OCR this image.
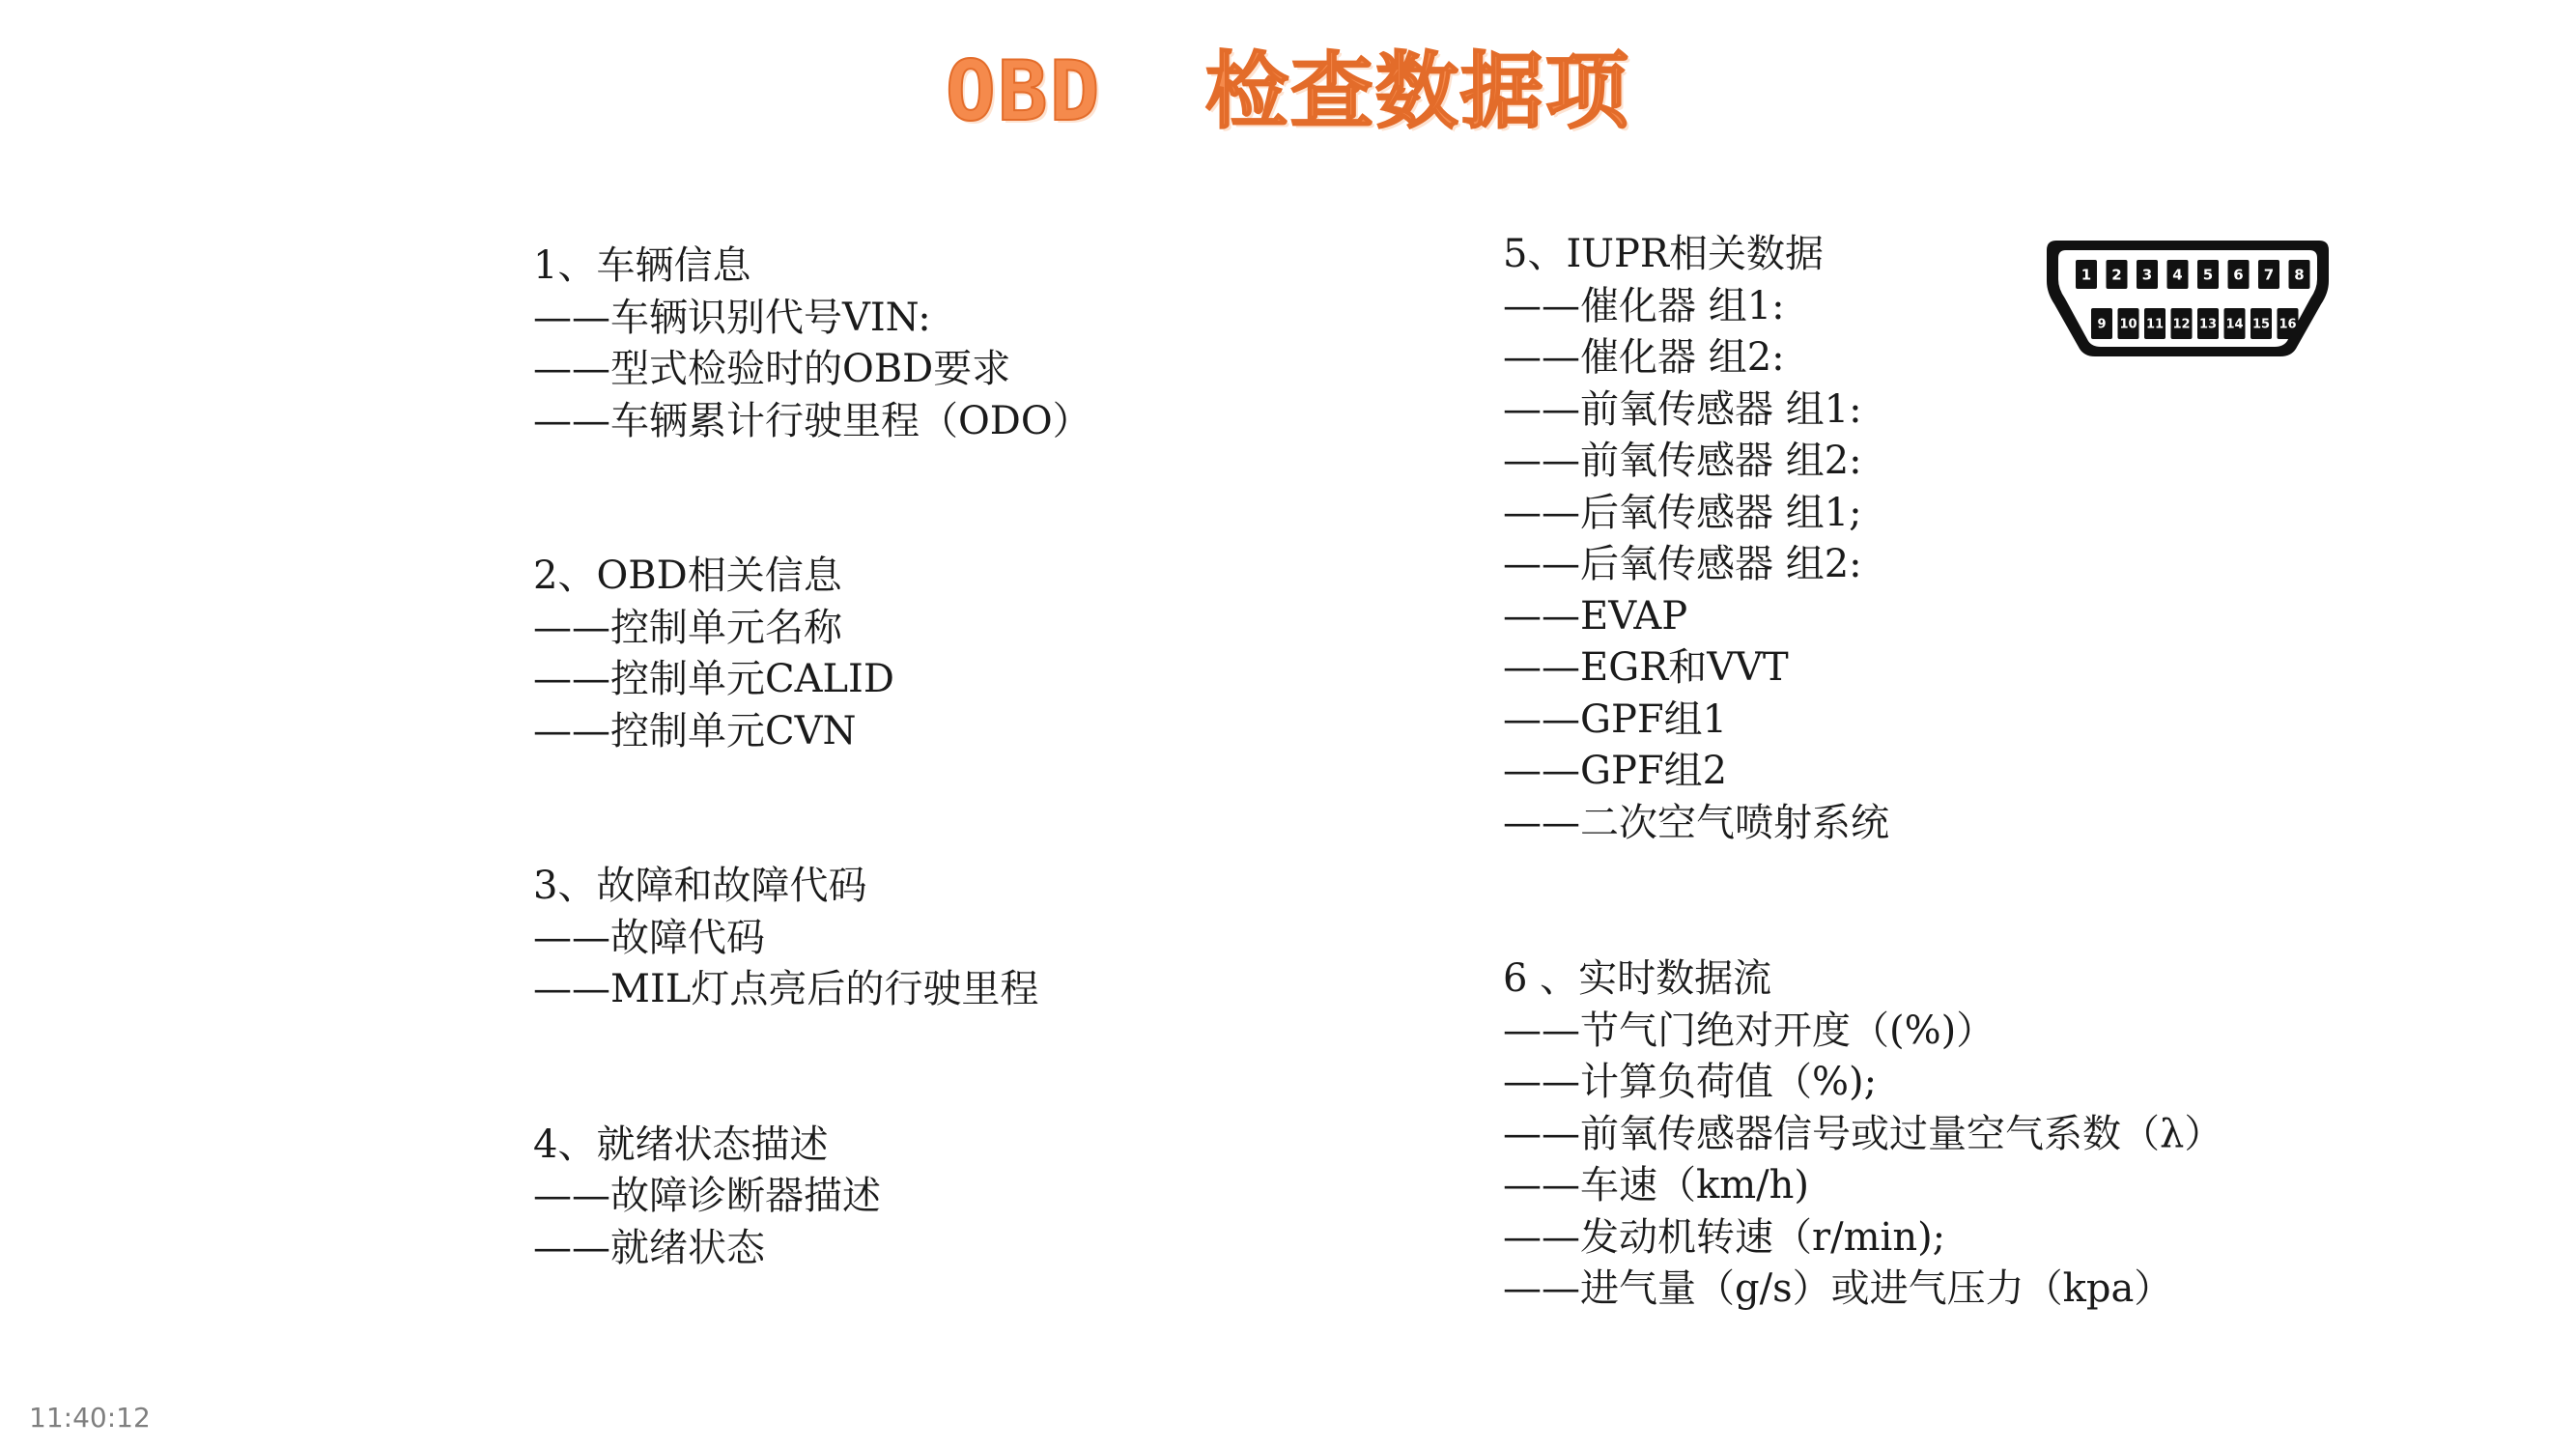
OBD  检查数据项
1、车辆信息
——车辆识别代号VIN:
——型式检验时的OBD要求
——车辆累计行驶里程（ODO）
2、OBD相关信息
——控制单元名称
——控制单元CALID
——控制单元CVN
3、故障和故障代码
——故障代码
——MIL灯点亮后的行驶里程
4、就绪状态描述
——故障诊断器描述
——就绪状态
5、IUPR相关数据
——催化器 组1:
——催化器 组2:
——前氧传感器 组1:
——前氧传感器 组2:
——后氧传感器 组1;
——后氧传感器 组2:
——EVAP
——EGR和VVT
——GPF组1
——GPF组2
——二次空气喷射系统
6 、实时数据流
——节气门绝对开度（(%)）
——计算负荷值（%);
——前氧传感器信号或过量空气系数（λ）
——车速（km/h)
——发动机转速（r/min);
——进气量（g/s）或进气压力（kpa）
1 2 3 4 5 6 7 8
9 10 11 12 13 14 15 16
11:40:12
